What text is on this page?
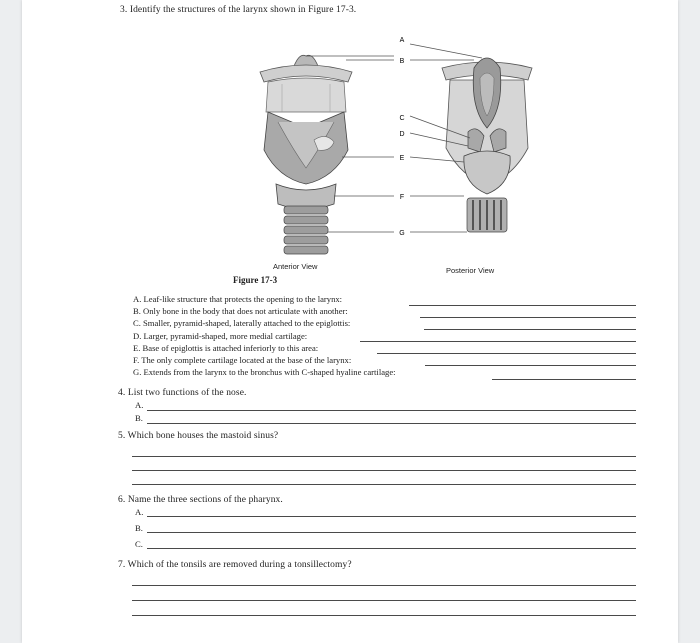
3. Identify the structures of the larynx shown in Figure 17-3.
A
B
C
D
E
F
G
Anterior View	Posterior View
Figure 17-3
A. Leaf-like structure that protects the opening to the larynx:
B. Only bone in the body that does not articulate with another:
C. Smaller, pyramid-shaped, laterally attached to the epiglottis:
D. Larger, pyramid-shaped, more medial cartilage:
E. Base of epiglottis is attached inferiorly to this area:
F. The only complete cartilage located at the base of the larynx:
G. Extends from the larynx to the bronchus with C-shaped hyaline cartilage:
4. List two functions of the nose.
A.
B.
5. Which bone houses the mastoid sinus?
6. Name the three sections of the pharynx.
A.
B.
C.
7. Which of the tonsils are removed during a tonsillectomy?
